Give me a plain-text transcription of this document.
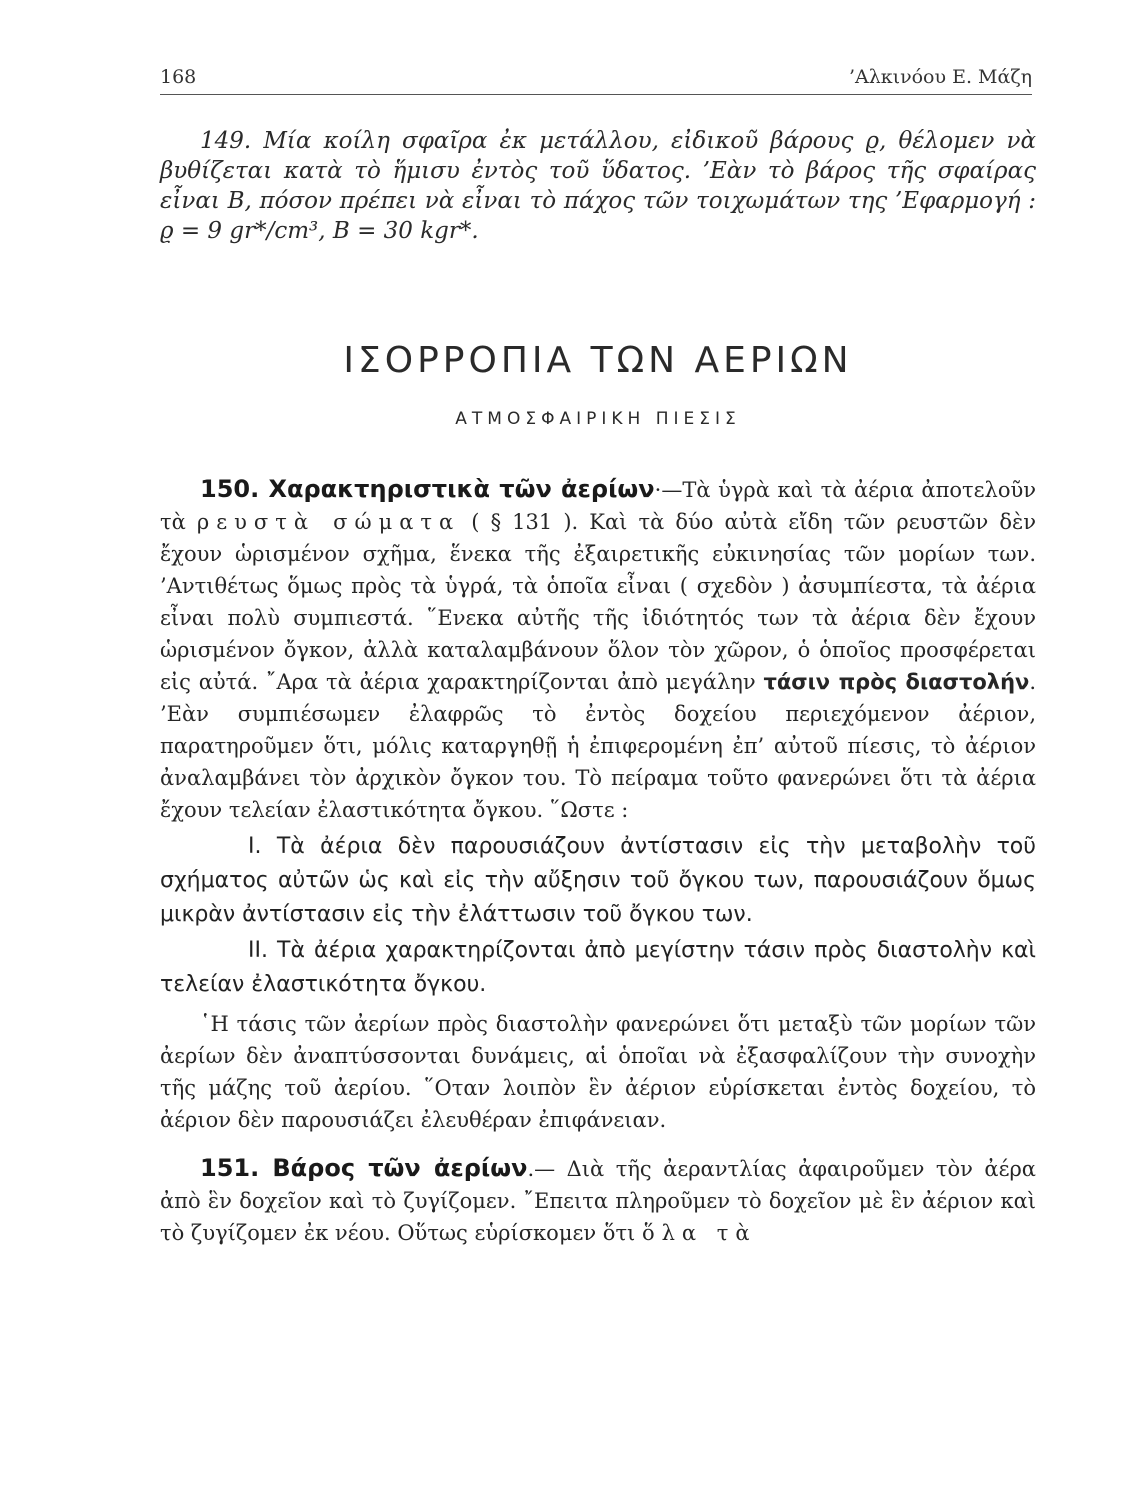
168	’Αλκινόου Ε. Μάζη

149. Μία κοίλη σφαῖρα ἐκ μετάλλου, εἰδικοῦ βάρους ϱ, θέλομεν νὰ βυθίζεται κατὰ τὸ ἥμισυ ἐντὸς τοῦ ὕδατος. ’Εὰν τὸ βάρος τῆς σφαίρας εἶναι Β, πόσον πρέπει νὰ εἶναι τὸ πάχος τῶν τοιχωμάτων της ’Εφαρμογή : ϱ = 9 gr*/cm³, Β = 30 kgr*.

ΙΣΟΡΡΟΠΙΑ ΤΩΝ ΑΕΡΙΩΝ
ΑΤΜΟΣΦΑΙΡΙΚΗ ΠΙΕΣΙΣ

150. Χαρακτηριστικὰ τῶν ἀερίων·—Τὰ ὑγρὰ καὶ τὰ ἀέρια ἀποτελοῦν τὰ ρευστὰ σώματα ( § 131 ). Καὶ τὰ δύο αὐτὰ εἴδη τῶν ρευστῶν δὲν ἔχουν ὡρισμένον σχῆμα, ἕνεκα τῆς ἐξαιρετικῆς εὐκινησίας τῶν μορίων των. ’Αντιθέτως ὅμως πρὸς τὰ ὑγρά, τὰ ὁποῖα εἶναι ( σχεδὸν ) ἀσυμπίεστα, τὰ ἀέρια εἶναι πολὺ συμπιεστά. ῞Ενεκα αὐτῆς τῆς ἰδιότητός των τὰ ἀέρια δὲν ἔχουν ὡρισμένον ὄγκον, ἀλλὰ καταλαμβάνουν ὅλον τὸν χῶρον, ὁ ὁποῖος προσφέρεται εἰς αὐτά. ῎Αρα τὰ ἀέρια χαρακτηρίζονται ἀπὸ μεγάλην τάσιν πρὸς διαστολήν. ’Εὰν συμπιέσωμεν ἐλαφρῶς τὸ ἐντὸς δοχείου περιεχόμενον ἀέριον, παρατηροῦμεν ὅτι, μόλις καταργηθῇ ἡ ἐπιφερομένη ἐπ’ αὐτοῦ πίεσις, τὸ ἀέριον ἀναλαμβάνει τὸν ἀρχικὸν ὄγκον του. Τὸ πείραμα τοῦτο φανερώνει ὅτι τὰ ἀέρια ἔχουν τελείαν ἐλαστικότητα ὄγκου. ῞Ωστε :

Ι. Τὰ ἀέρια δὲν παρουσιάζουν ἀντίστασιν εἰς τὴν μεταβολὴν τοῦ σχήματος αὐτῶν ὡς καὶ εἰς τὴν αὔξησιν τοῦ ὄγκου των, παρουσιάζουν ὅμως μικρὰν ἀντίστασιν εἰς τὴν ἐλάττωσιν τοῦ ὄγκου των.

ΙΙ. Τὰ ἀέρια χαρακτηρίζονται ἀπὸ μεγίστην τάσιν πρὸς διαστολὴν καὶ τελείαν ἐλαστικότητα ὄγκου.

῾Η τάσις τῶν ἀερίων πρὸς διαστολὴν φανερώνει ὅτι μεταξὺ τῶν μορίων τῶν ἀερίων δὲν ἀναπτύσσονται δυνάμεις, αἱ ὁποῖαι νὰ ἐξασφαλίζουν τὴν συνοχὴν τῆς μάζης τοῦ ἀερίου. ῞Οταν λοιπὸν ἓν ἀέριον εὑρίσκεται ἐντὸς δοχείου, τὸ ἀέριον δὲν παρουσιάζει ἐλευθέραν ἐπιφάνειαν.

151. Βάρος τῶν ἀερίων.— Διὰ τῆς ἀεραντλίας ἀφαιροῦμεν τὸν ἀέρα ἀπὸ ἓν δοχεῖον καὶ τὸ ζυγίζομεν. ῎Επειτα πληροῦμεν τὸ δοχεῖον μὲ ἓν ἀέριον καὶ τὸ ζυγίζομεν ἐκ νέου. Οὕτως εὑρίσκομεν ὅτι ὅλα τὰ
